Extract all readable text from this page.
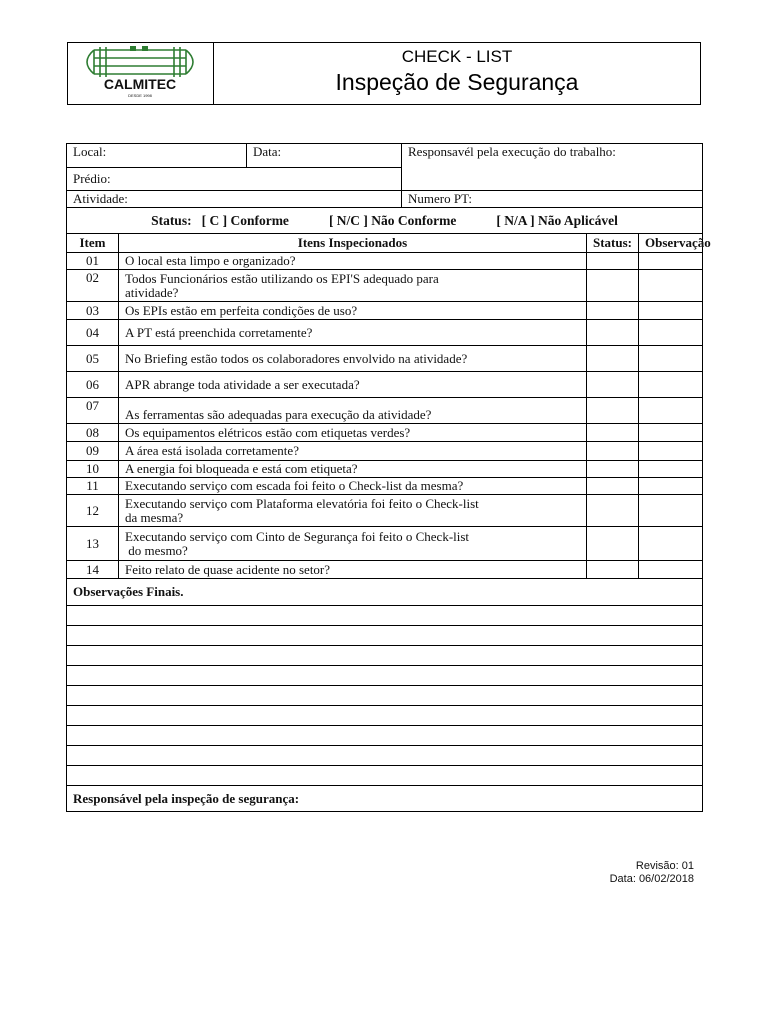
CALMITEC
DESDE 1998
CHECK - LIST
Inspeção de Segurança
Local:		Data:	Responsavél pela execução do trabalho:		
Prédio:					
Atividade:			Numero PT:		
Status: [ C ] Conforme [ N/C ] Não Conforme [ N/A ] Não Aplicável					
Item	Itens Inspecionados			Status:	Observação
01	O local esta limpo e organizado?				
02	Todos Funcionários estão utilizando os EPI'S adequado para
atividade?				

03	Os EPIs estão em perfeita condições de uso?				
04	A PT está preenchida corretamente?				
05	No Briefing estão todos os colaboradores envolvido na atividade?				
06	APR abrange toda atividade a ser executada?				
07	As ferramentas são adequadas para execução da atividade?				
08	Os equipamentos elétricos estão com etiquetas verdes?				
09	A área está isolada corretamente?				
10	A energia foi bloqueada e está com etiqueta?				
11	Executando serviço com escada foi feito o Check-list da mesma?				
12	Executando serviço com Plataforma elevatória foi feito o Check-list
da mesma?				

13	Executando serviço com Cinto de Segurança foi feito o Check-list
do mesmo?				

14	Feito relato de quase acidente no setor?				
Observações Finais.					

Responsável pela inspeção de segurança:					
Revisão: 01
Data: 06/02/2018
